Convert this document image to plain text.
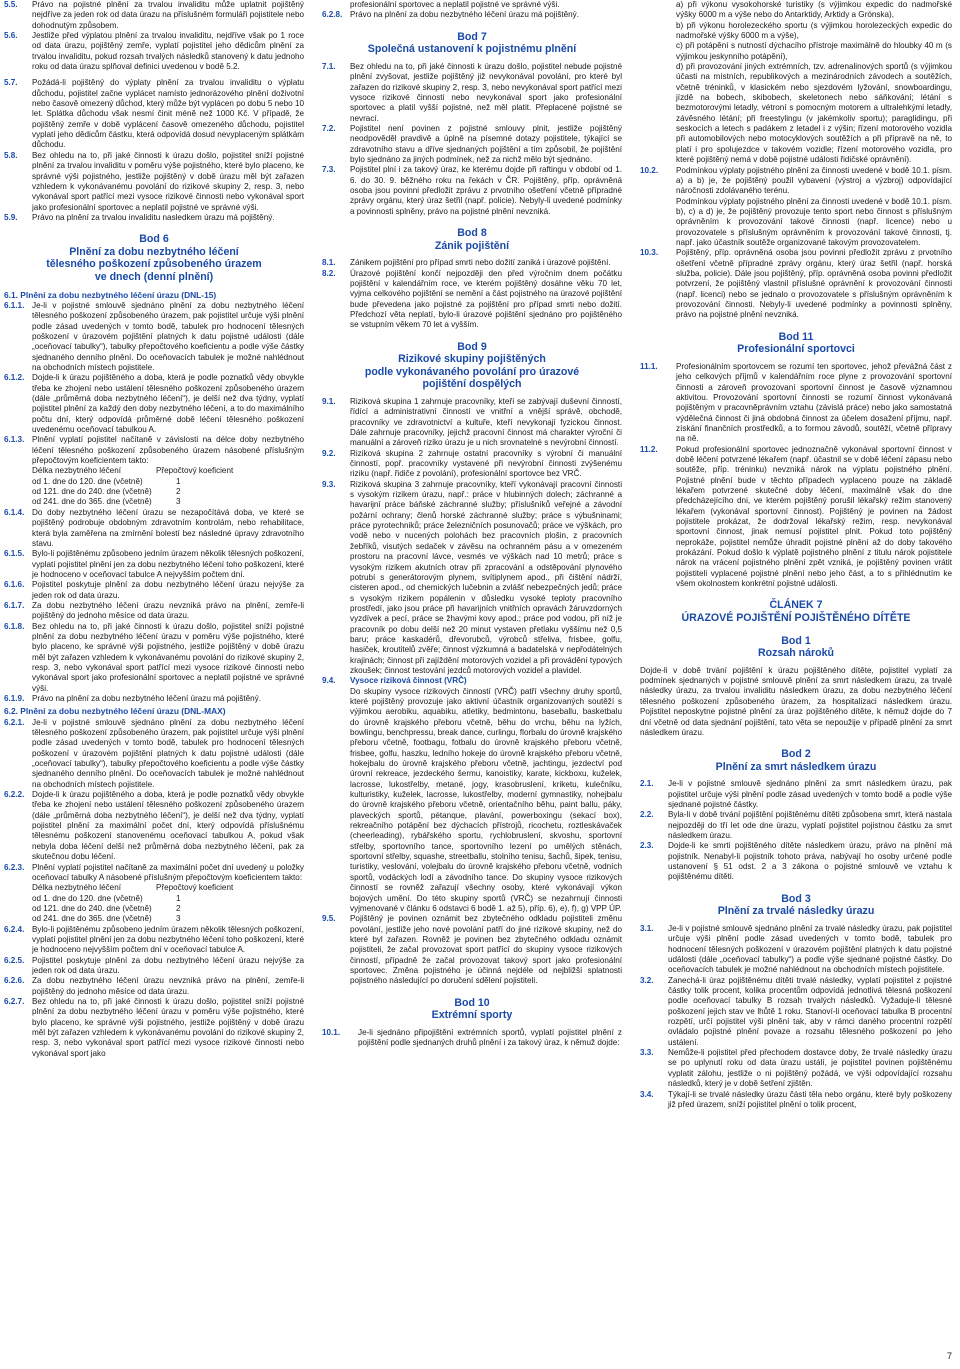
5.5.	Právo na pojistné plnění za trvalou invaliditu může uplatnit pojištěný nejdříve za jeden rok od data úrazu na příslušném formuláři pojistitele nebo dohodnutým způsobem.
5.6.	Jestliže před výplatou plnění za trvalou invaliditu, nejdříve však po 1 roce od data úrazu, pojištěný zemře, vyplatí pojistitel jeho dědicům plnění za trvalou invaliditu, pokud rozsah trvalých následků stanovený k datu jednoho roku od data úrazu splňoval definici uvedenou v bodě 5.2.
5.7.	Požádá-li pojištěný do výplaty plnění za trvalou invaliditu o výplatu důchodu, pojistitel začne vyplácet namísto jednorázového plnění doživotní nebo časově omezený důchod, který může být vyplácen po dobu 5 nebo 10 let. Splátka důchodu však nesmí činit méně než 1000 Kč. V případě, že pojištěný zemře v době vyplácení časově omezeného důchodu, pojistitel vyplatí jeho dědicům částku, která odpovídá dosud nevyplaceným splátkám důchodu.
5.8.	Bez ohledu na to, při jaké činnosti k úrazu došlo, pojistitel sníží pojistné plnění za trvalou invaliditu v poměru výše pojistného, které bylo placeno, ke správné výši pojistného, jestliže pojištěný v době úrazu měl být zařazen vzhledem k vykonávanému povolání do rizikové skupiny 2, resp. 3, nebo vykonával sport patřící mezi vysoce rizikové činnosti nebo vykonával sport jako profesionální sportovec a neplatil pojistné ve správné výši.
5.9.	Právo na plnění za trvalou invaliditu nasledkem úrazu má pojištěný.
Bod 6
Plnění za dobu nezbytného léčení
tělesného poškození způsobeného úrazem
ve dnech (denní plnění)
6.1. Plnění za dobu nezbytného léčení úrazu (DNL-15)
6.1.1. Je-li v pojistné smlouvě sjednáno plnění za dobu nezbytného léčení tělesného poškození způsobeného úrazem, pak pojistitel určuje výši plnění podle zásad uvedených v tomto bodě, tabulek pro hodnocení tělesných poškození v úrazovém pojištění platných k datu pojistné události (dále „oceňovací tabulky“), tabulky přepočtového koeficientu a podle výše částky sjednaného denního plnění. Do oceňovacích tabulek je možné nahlédnout na obchodních místech pojistitele.
6.1.2. Dojde-li k úrazu pojištěného a doba, která je podle poznatků vědy obvykle třeba ke zhojení nebo ustálení tělesného poškození způsobeného úrazem (dále „průměrná doba nezbytného léčení“), je delší než dva týdny, vyplatí pojistitel plnění za každý den doby nezbytného léčení, a to do maximálního počtu dní, který odpovídá průměrné době léčení tělesného poškození uvedenému oceňovací tabulkou A.
6.1.3. Plnění vyplatí pojistitel načítaně v závislosti na délce doby nezbytného léčení tělesného poškození způsobeného úrazem násobené příslušným přepočtovým koeficientem takto:
Délka nezbytného léčení	Přepočtový koeficient
od 1. dne do 120. dne (včetně)	1
od 121. dne do 240. dne (včetně)	2
od 241. dne do 365. dne (včetně)	3
6.1.4. Do doby nezbytného léčení úrazu se nezapočítává doba, ve které se pojištěný podrobuje obdobným zdravotním kontrolám, nebo rehabilitace, která byla zaměřena na zmírnění bolestí bez následné úpravy zdravotního stavu.
6.1.5. Bylo-li pojištěnému způsobeno jedním úrazem několik tělesných poškození, vyplatí pojistitel plnění jen za dobu nezbytného léčení toho poškození, které je hodnoceno v oceňovací tabulce A nejvyšším počtem dní.
6.1.6. Pojistitel poskytuje plnění za dobu nezbytného léčení úrazu nejvýše za jeden rok od data úrazu.
6.1.7. Za dobu nezbytného léčení úrazu nevzniká právo na plnění, zemře-li pojištěný do jednoho měsíce od data úrazu.
6.1.8. Bez ohledu na to, při jaké činnosti k úrazu došlo, pojistitel sníží pojistné plnění za dobu nezbytného léčení úrazu v poměru výše pojistného, které bylo placeno, ke správné výši pojistného, jestliže pojištěný v době úrazu měl být zařazen vzhledem k vykonávanému povolání do rizikové skupiny 2, resp. 3, nebo vykonával sport patřící mezi vysoce rizikové činnosti nebo vykonával sport jako profesionální sportovec a neplatil pojistné ve správné výši.
6.1.9. Právo na plnění za dobu nezbytného léčení úrazu má pojištěný.
6.2. Plnění za dobu nezbytného léčení úrazu (DNL-MAX)
6.2.1. Je-li v pojistné smlouvě sjednáno plnění za dobu nezbytného léčení tělesného poškození způsobeného úrazem, pak pojistitel určuje výši plnění podle zásad uvedených v tomto bodě, tabulek pro hodnocení tělesných poškození v úrazovém pojištění platných k datu pojistné události (dále „oceňovací tabulky“), tabulky přepočtového koeficientu a podle výše částky sjednaného denního plnění. Do oceňovacích tabulek je možné nahlédnout na obchodních místech pojistitele.
6.2.2. Dojde-li k úrazu pojištěného a doba, která je podle poznatků vědy obvykle třeba ke zhojení nebo ustálení tělesného poškození způsobeného úrazem (dále „průměrná doba nezbytného léčení“), je delší než dva týdny, vyplatí pojistitel plnění za maximální počet dní, který odpovídá příslušnému tělesnému poškození stanovenému oceňovací tabulkou A, pokud však nebyla doba léčení delší než průměrná doba nezbytného léčení, pak za skutečnou dobu léčení.
6.2.3. Plnění vyplatí pojistitel načítaně za maximální počet dní uvedený u položky oceňovací tabulky A násobené příslušným přepočtovým koeficientem takto:
Délka nezbytného léčení	Přepočtový koeficient
od 1. dne do 120. dne (včetně)	1
od 121. dne do 240. dne (včetně)	2
od 241. dne do 365. dne (včetně)	3
6.2.4. Bylo-li pojištěnému způsobeno jedním úrazem několik tělesných poškození, vyplatí pojistitel plnění jen za dobu nezbytného léčení toho poškození, které je hodnoceno nejvyšším počtem dní v oceňovací tabulce A.
6.2.5. Pojistitel poskytuje plnění za dobu nezbytného léčení úrazu nejvýše za jeden rok od data úrazu.
6.2.6. Za dobu nezbytného léčení úrazu nevzniká právo na plnění, zemře-li pojištěný do jednoho měsíce od data úrazu.
6.2.7. Bez ohledu na to, při jaké činnosti k úrazu došlo, pojistitel sníží pojistné plnění za dobu nezbytného léčení úrazu v poměru výše pojistného, které bylo placeno, ke správné výši pojistného, jestliže pojištěný v době úrazu měl být zařazen vzhledem k vykonávanému povolání do rizikové skupiny 2, resp. 3, nebo vykonával sport patřící mezi vysoce rizikové činnosti nebo vykonával sport jako
profesionální sportovec a neplatil pojistné ve správné výši.
6.2.8. Právo na plnění za dobu nezbytného léčení úrazu má pojištěný.
Bod 7
Společná ustanovení k pojistnému plnění
7.1.	Bez ohledu na to, při jaké činnosti k úrazu došlo, pojistitel nebude pojistné plnění zvyšovat, jestliže pojištěný již nevykonával povolání, pro které byl zařazen do rizikové skupiny 2, resp. 3, nebo nevykonával sport patřící mezi vysoce rizikové činnosti nebo nevykonával sport jako profesionální sportovec a platil vyšší pojistné, než měl platit. Přeplacené pojistné se nevrací.
7.2.	Pojistitel není povinen z pojistné smlouvy plnit, jestliže pojištěný neodpověděl pravdivě a úplně na písemné dotazy pojistitele, týkající se zdravotního stavu a dříve sjednaných pojištění a tím způsobil, že pojištění bylo sjednáno za jiných podmínek, než za nichž mělo být sjednáno.
7.3.	Pojistitel plní i za takový úraz, ke kterému dojde při raftingu v období od 1. 6. do 30. 9. běžného roku na řekách v ČR. Pojištěný, příp. oprávněná osoba jsou povinni předložit zprávu z prvotního ošetření včetně přípradné zprávy orgánu, který úraz šetřil (např. policie). Nebyly-li uvedené podmínky a povinnosti splněny, právo na pojistné plnění nevzniká.
Bod 8
Zánik pojištění
8.1.	Zánikem pojištění pro případ smrti nebo dožití zaniká i úrazové pojištění.
8.2.	Úrazové pojištění končí nejpozději den před výročním dnem počátku pojištění v kalendářním roce, ve kterém pojištěný dosáhne věku 70 let, vyjma celkového pojištění se nemění a část pojistného na úrazové pojištění bude převedena jako pojistné za pojištění pro případ smrti nebo dožití. Předchozí věta neplatí, bylo-li úrazové pojištění sjednáno pro pojištěného se vstupním věkem 70 let a vyšším.
Bod 9
Rizikové skupiny pojištěných
podle vykonávaného povolání pro úrazové
pojištění dospělých
9.1.	Riziková skupina 1 zahrnuje pracovníky, kteří se zabývají duševní činností, řídící a administrativní činností ve vnitřní a vnější správě, obchodě, pracovníky ve zdravotnictví a kultuře, kteří nevykonají fyzickou činnost. Dále zahrnuje pracovníky, jejichž pracovní činnost má charakter výroční či manuální a zároveň riziko úrazu je u nich srovnatelné s nevýrobní činností.
9.2.	Riziková skupina 2 zahrnuje ostatní pracovníky s výrobní či manuální činností, popř. pracovníky vystavené při nevýrobní činnosti zvýšenému riziku (např. řidiče z povolání), profesionální sportovce bez VRČ.
9.3.	Riziková skupina 3 zahrnuje pracovníky, kteří vykonávají pracovní činnosti s vysokým rizikem úrazu, např.: práce v hlubinných dolech; záchranné a havarijní práce báňské záchranné služby; příslušníků veřejné a závodní požární ochrany; členů horské záchranné služby; práce s výbušninami; práce pyrotechniků; práce železničních posunovačů; práce ve výškách, pro vodě nebo v nucených polohách bez pracovních plošin, z pracovních žebříků, visutých sedaček v závěsu na ochranném pásu a v omezeném prostoru na pracovní lávce, vesmés ve výškách nad 10 metrů; práce s vysokým rizikem akutních otrav při zpracování a odstěpování plynového potrubí s generátorovým plynem, svítiplynem apod., při čištění nádrží, cisteren apod., od chemických lučebnin a zvlášť nebezpečných jedů; práce s vysokým rizikem popálenin v důsledku vysoké teploty pracovního prostředí, jako jsou práce při havarijních vnitřních opravách žáruvzdorných vyzdívek a pecí, práce se žhavými kovy apod.; práce pod vodou, při níž je pracovník po dobu delší než 20 minut vystaven přetlaku vyššímu než 0,5 baru; práce kaskadérů, dřevorubců, výrobců střeliva, frisbee, golfu, hasiček, kroutitelů zvěře; činnost výzkumná a badatelská v nepřodátelných krajinách; činnost při zajíždění motorových vozidel a při provádění typových zkoušek; činnost testování jezdců motorových vozidel a plavidel.
9.4.	Vysoce riziková činnost (VRČ)
Do skupiny vysoce rizikových činností (VRČ) patří všechny druhy sportů, které pojištěný provozuje jako aktivní účastník organizovaných soutěží s výjimkou aerobiku, aquabiku, atletiky, bedmintonu, baseballu, basketbalu do úrovně krajského přeboru včetně, běhu do vrchu, běhu na lyžích, bowlingu, benchpressu, break dance, curlingu, florbalu do úrovně krajského přeboru včetně, footbagu, fotbalu do úrovně krajského přeboru včetně, frisbee, golfu, haszku, ledního hokeje do úrovně krajského přeboru včetně, hokejbalu do úrovně krajského přeboru včetně, jachtingu, jezdectví pod úrovní rekreace, jezdeckého šermu, kanoistiky, karate, kickboxu, kuželek, lacrosse, lukostřelby, metané, jogy, krasobruslení, kriketu, kulečníku, kulturistiky, kuželek, lacrosse, lukostřelby, moderní gymnastiky, nohejbalu do úrovně krajského přeboru včetně, orientačního běhu, paint ballu, páky, plaveckých sportů, pétanque, plavání, powerboxingu (sekací box), rekreačního potápění bez dýchacích přístrojů, ricochetu, roztleskávaček (cheerleading), rybářského sportu, rychlobruslení, skvoshu, sportovní střelby, sportovního tance, sportovního lezení po umělých stěnách, sportovní střelby, squashe, streetballu, stolního tenisu, šachů, šipek, tenisu, turistiky, veslování, volejbalu do úrovně krajského přeboru včetně, vodních sportů, vodáckých lodí a závodního tance. Do skupiny vysoce rizikových činností se rovněž zařazují všechny osoby, které vykonávají výkon bojových umění. Do této skupiny sportů (VRČ) se nezahrnují činnosti vyjmenované v článku 6 odstavci 6 bodě 1. až 5), příp. 6), e), f), g) VPP ÚP.
9.5.	Pojištěný je povinen oznámit bez zbytečného odkladu pojistiteli změnu povolání, jestliže jeho nové povolání patří do jiné rizikové skupiny, než do které byl zařazen. Rovněž je povinen bez zbytečného odkladu oznámit pojistiteli, že začal provozovat sport patřící do skupiny vysoce rizikových činností, případně že začal provozovat takový sport jako profesionální sportovec. Změna pojistného je účinná nejdéle od nejbližší splatnosti pojistného následující po doručení sdělení pojistiteli.
Bod 10
Extrémní sporty
10.1.	Je-li sjednáno připojištění extrémních sportů, vyplatí pojistitel plnění z pojištění podle sjednaných druhů plnění i za takový úraz, k němuž dojde:
a) při výkonu vysokohorské turistiky (s výjimkou expedic do nadmořské výšky 6000 m a výše nebo do Antarktidy, Arktidy a Grónska),
b) při výkonu horolezeckého sportu (s výjimkou horolezeckých expedic do nadmořské výšky 6000 m a výše),
c) při potápění s nutností dýchacího přístroje maximálně do hloubky 40 m (s výjimkou jeskynního potápění),
d) při provozování jiných extrémních, tzv. adrenalinových sportů (s výjimkou účasti na místních, republikových a mezinárodních závodech a soutěžích, včetně tréninků, v klasickém nebo sjezdovém lyžování, snowboardingu, jízdě na bobech, skibobech, skeletonech nebo sáňkování; létání s bezmotorovými letadly, vétroní s pomocným motorem a ultralehkými letadly, závěsného létání; při freestylingu (v jakémkoliv sportu); paraglidingu, při seskocích a letech s padákem z letadel i z výšin; řízení motorového vozidla při automobilových nebo motocyklových soutěžích a při přípravě na ně, to platí i pro spolujezdce v takovém vozidle; řízení motorového vozidla, pro které pojištěný nemá v době pojistné události řidičské oprávnění).
10.2.	Podmínkou výplaty pojistného plnění za činnosti uvedené v bodě 10.1. písm. a) a b) je, že pojištěný použil vybavení (výstroj a výzbroj) odpovídající náročnosti zdolávaného terénu.
Podmínkou výplaty pojistného plnění za činnosti uvedené v bodě 10.1. písm. b), c) a d) je, že pojištěný provozuje tento sport nebo činnost s příslušným oprávněním k provozování takové činnosti (např. licence) nebo u provozovatele s příslušným oprávněním k provozování takové činnosti, tj. např. jako účastník soutěže organizované takovým provozovatelem.
10.3.	Pojištěný, příp. oprávněná osoba jsou povinni předložit zprávu z prvotního ošetření včetně přípradné zprávy orgánu, který úraz šetřil (např. horská služba, policie). Dále jsou pojištěný, příp. oprávněná osoba povinni předložit potvrzení, že pojištěný vlastnil příslušné oprávnění k provozování činnosti (např. licenci) nebo se jednalo o provozovatele s příslušným oprávněním k provozování činnosti. Nebyly-li uvedené podmínky a povinnosti splněny, právo na pojistné plnění nevzniká.
Bod 11
Profesionální sportovci
11.1.	Profesionálním sportovcem se rozumí ten sportovec, jehož převážná část z jeho celkových příjmů v kalendářním roce plyne z provozování sportovní činnosti a zároveň provozovaní sportovní činnost je časově významnou aktivitou. Provozování sportovní činnosti se rozumí činnost vykonávaná pojištěným v pracovněprávním vztahu (závislá práce) nebo jako samostatná výdělečná činnost či jiná obdobná činnost za účelem dosažení příjmu, např. získání finančních prostředků, a to formou závodů, soutěží, včetně přípravy na ně.
11.2.	Pokud profesionální sportovec jednoznačně vykonával sportovní činnost v době léčení potvrzené lékařem (např. účastnil se v době léčení zápasu nebo soutěže, příp. tréninku) nevzniká nárok na výplatu pojistného plnění. Pojistné plnění bude v těchto případech vyplaceno pouze na základě lékařem potvrzené skutečné doby léčení, maximálně však do dne předcházejícího dni, ve kterém pojištěný porušil lékařský režim stanovený lékařem (vykonával sportovní činnost). Pojištěný je povinen na žádost pojistitele prokázat, že dodržoval lékařský režim, resp. nevykonával sportovní činnost, jinak nemusí pojistitel plnit. Pokud toto pojištěný neprokáže, pojistitel nemůže úhradit pojistné plnění až do doby takového prokázání. Pokud došlo k výplatě pojistného plnění z titulu nárok pojistitele nárok na vrácení pojistného plnění zpět vzniká, je pojištěný povinen vrátit pojistiteli vyplacené pojistné plnění nebo jeho část, a to s přihlédnutím ke všem okolnostem konkrétní pojistné události.
ČLÁNEK 7
ÚRAZOVÉ POJIŠTĚNÍ POJIŠTĚNÉHO DÍTĚTE
Bod 1
Rozsah nároků
Dojde-li v době trvání pojištění k úrazu pojištěného dítěte, pojistitel vyplatí za podmínek sjednaných v pojistné smlouvě plnění za smrt následkem úrazu, za trvalé následky úrazu, za trvalou invaliditu následkem úrazu, za dobu nezbytného léčení tělesného poškození způsobeného úrazem, za hospitalizaci následkem úrazu. Pojistitel neposkytne pojistné plnění za úraz pojištěného dítěte, k němuž dojde do 7 dní včetně od data sjednání pojištění, tato věta se nepoužije v případě plnění za smrt následkem úrazu.
Bod 2
Plnění za smrt následkem úrazu
2.1.	Je-li v pojistné smlouvě sjednáno plnění za smrt následkem úrazu, pak pojistitel určuje výši plnění podle zásad uvedených v tomto bodě a podle výše sjednané pojistné částky.
2.2.	Byla-li v době trvání pojištění pojištěnému dítěti způsobena smrt, která nastala nejpozději do tří let ode dne úrazu, vyplatí pojistitel pojistnou částku za smrt následkem úrazu.
2.3.	Dojde-li ke smrti pojištěného dítěte následkem úrazu, právo na plnění má pojistník. Nenabyl-li pojistník tohoto práva, nabývají ho osoby určené podle ustanovení § 51 odst. 2 a 3 zákona o pojistné smlouvě ve vztahu k pojištěnému dítěti.
Bod 3
Plnění za trvalé následky úrazu
3.1.	Je-li v pojistné smlouvě sjednáno plnění za trvalé následky úrazu, pak pojistitel určuje výši plnění podle zásad uvedených v tomto bodě, tabulek pro hodnocení tělesných poškození v úrazovém pojištění platných k datu pojistné události (dále „oceňovací tabulky“) a podle výše sjednané pojistné částky. Do oceňovacích tabulek je možné nahlédnout na obchodních místech pojistitele.
3.2.	Zanechá-li úraz pojištěnému dítěti trvalé následky, vyplatí pojistitel z pojistné částky tolik procent, kolika procentům odpovídá jednotlivá tělesná poškození podle oceňovací tabulky B rozsah trvalých následků. Vyžaduje-li tělesné poškození jejich stav ve lhůtě 1 roku. Stanoví-li oceňovací tabulka B procentní rozpětí, určí pojistitel výši plnění tak, aby v rámci daného procentní rozpětí ovládalo pojistné plnění povaze a rozsahu tělesného poškození po jeho ustálení.
3.3.	Nemůže-li pojistitel před přechodem dostavce doby, že trvalé následky úrazu se po uplynutí roku od data úrazu ustálí, je pojistitel povinen pojištěnému vyplatit zálohu, jestliže o ni pojištěný požádá, ve výši odpovídající rozsahu následků, který je v době šetření zjištěn.
3.4.	Týkají-li se trvalé následky úrazu části těla nebo orgánu, které byly poškozeny již před úrazem, sníží pojistitel plnění o tolik procent,
7
